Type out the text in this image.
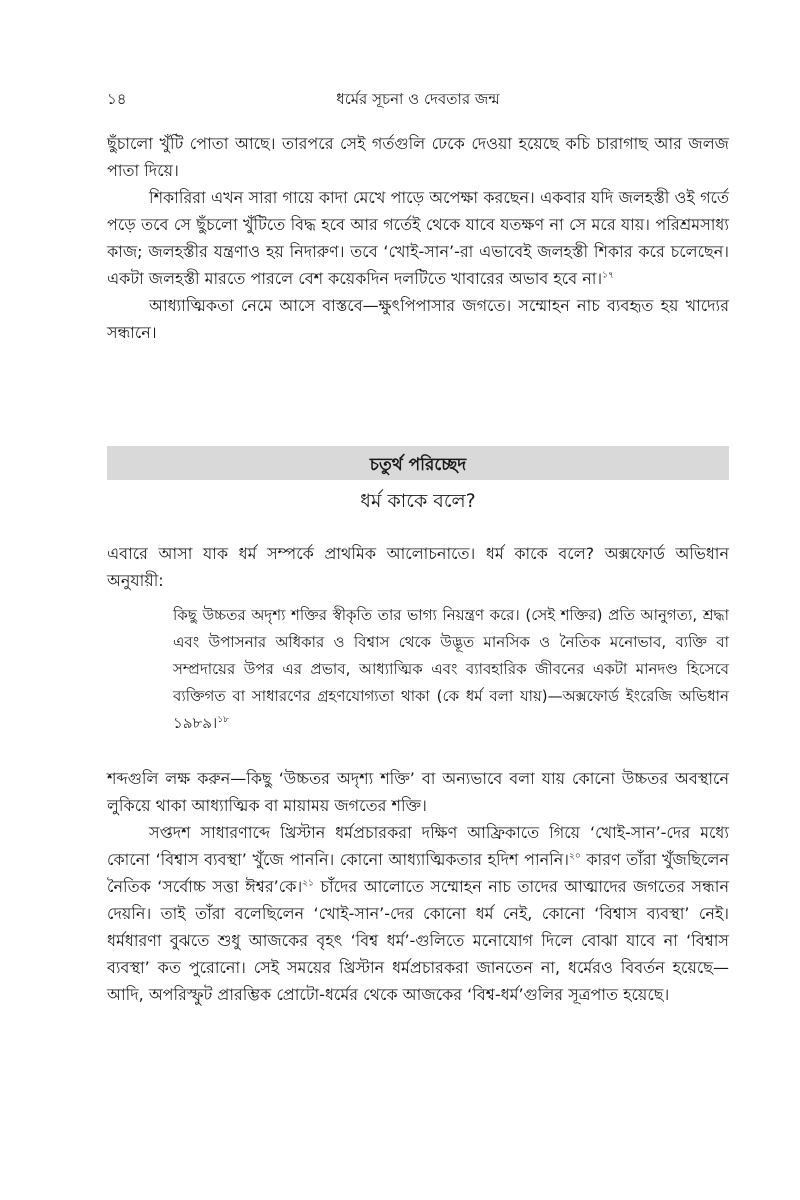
১৪	ধর্মের সূচনা ও দেবতার জন্ম

ছুঁচালো খুঁটি পোতা আছে। তারপরে সেই গর্তগুলি ঢেকে দেওয়া হয়েছে কচি চারাগাছ আর জলজ পাতা দিয়ে।

শিকারিরা এখন সারা গায়ে কাদা মেখে পাড়ে অপেক্ষা করছেন। একবার যদি জলহস্তী ওই গর্তে পড়ে তবে সে ছুঁচলো খুঁটিতে বিদ্ধ হবে আর গর্তেই থেকে যাবে যতক্ষণ না সে মরে যায়। পরিশ্রমসাধ্য কাজ; জলহস্তীর যন্ত্রণাও হয় নিদারুণ। তবে ‘খোই-সান’-রা এভাবেই জলহস্তী শিকার করে চলেছেন। একটা জলহস্তী মারতে পারলে বেশ কয়েকদিন দলটিতে খাবারের অভাব হবে না।$^{১৭}$

আধ্যাত্মিকতা নেমে আসে বাস্তবে—ক্ষুৎপিপাসার জগতে। সম্মোহন নাচ ব্যবহৃত হয় খাদ্যের সন্ধানে।

চতুর্থ পরিচ্ছেদ
ধর্ম কাকে বলে?

এবারে আসা যাক ধর্ম সম্পর্কে প্রাথমিক আলোচনাতে। ধর্ম কাকে বলে? অক্সফোর্ড অভিধান অনুযায়ী:

কিছু উচ্চতর অদৃশ্য শক্তির স্বীকৃতি তার ভাগ্য নিয়ন্ত্রণ করে। (সেই শক্তির) প্রতি আনুগত্য, শ্রদ্ধা এবং উপাসনার অধিকার ও বিশ্বাস থেকে উদ্ভূত মানসিক ও নৈতিক মনোভাব, ব্যক্তি বা সম্প্রদায়ের উপর এর প্রভাব, আধ্যাত্মিক এবং ব্যাবহারিক জীবনের একটা মানদণ্ড হিসেবে ব্যক্তিগত বা সাধারণের গ্রহণযোগ্যতা থাকা (কে ধর্ম বলা যায়)—অক্সফোর্ড ইংরেজি অভিধান ১৯৮৯।$^{১৮}$

শব্দগুলি লক্ষ করুন—কিছু ‘উচ্চতর অদৃশ্য শক্তি’ বা অন্যভাবে বলা যায় কোনো উচ্চতর অবস্থানে লুকিয়ে থাকা আধ্যাত্মিক বা মায়াময় জগতের শক্তি।

সপ্তদশ সাধারণাব্দে খ্রিস্টান ধর্মপ্রচারকরা দক্ষিণ আফ্রিকাতে গিয়ে ‘খোই-সান’-দের মধ্যে কোনো ‘বিশ্বাস ব্যবস্থা’ খুঁজে পাননি। কোনো আধ্যাত্মিকতার হদিশ পাননি।$^{২০}$ কারণ তাঁরা খুঁজছিলেন নৈতিক ‘সর্বোচ্চ সত্তা ঈশ্বর’কে।$^{২১}$ চাঁদের আলোতে সম্মোহন নাচ তাদের আত্মাদের জগতের সন্ধান দেয়নি। তাই তাঁরা বলেছিলেন ‘খোই-সান’-দের কোনো ধর্ম নেই, কোনো ‘বিশ্বাস ব্যবস্থা’ নেই। ধর্মধারণা বুঝতে শুধু আজকের বৃহৎ ‘বিশ্ব ধর্ম’-গুলিতে মনোযোগ দিলে বোঝা যাবে না ‘বিশ্বাস ব্যবস্থা’ কত পুরোনো। সেই সময়ের খ্রিস্টান ধর্মপ্রচারকরা জানতেন না, ধর্মেরও বিবর্তন হয়েছে—আদি, অপরিস্ফুট প্রারম্ভিক প্রোটো-ধর্মের থেকে আজকের ‘বিশ্ব-ধর্ম’গুলির সূত্রপাত হয়েছে।
